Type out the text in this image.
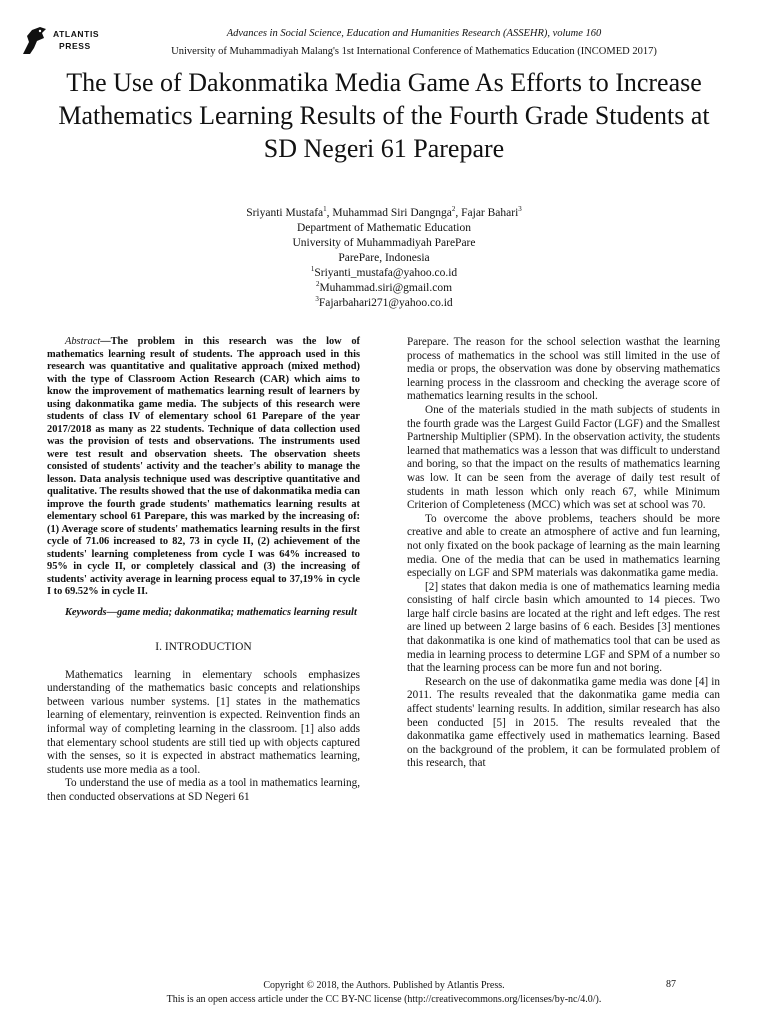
ATLANTIS
PRESS
Advances in Social Science, Education and Humanities Research (ASSEHR), volume 160
University of Muhammadiyah Malang's 1st International Conference of Mathematics Education (INCOMED 2017)
The Use of Dakonmatika Media Game As Efforts to Increase Mathematics Learning Results of the Fourth Grade Students at SD Negeri 61 Parepare
Sriyanti Mustafa$^1$, Muhammad Siri Dangnga$^2$, Fajar Bahari$^3$
Department of Mathematic Education
University of Muhammadiyah ParePare
ParePare, Indonesia
$^1$Sriyanti_mustafa@yahoo.co.id
$^2$Muhammad.siri@gmail.com
$^3$Fajarbahari271@yahoo.co.id

Abstract—The problem in this research was the low of mathematics learning result of students. The approach used in this research was quantitative and qualitative approach (mixed method) with the type of Classroom Action Research (CAR) which aims to know the improvement of mathematics learning result of learners by using dakonmatika game media. The subjects of this research were students of class IV of elementary school 61 Parepare of the year 2017/2018 as many as 22 students. Technique of data collection used was the provision of tests and observations. The instruments used were test result and observation sheets. The observation sheets consisted of students' activity and the teacher's ability to manage the lesson. Data analysis technique used was descriptive quantitative and qualitative. The results showed that the use of dakonmatika media can improve the fourth grade students' mathematics learning results at elementary school 61 Parepare, this was marked by the increasing of: (1) Average score of students' mathematics learning results in the first cycle of 71.06 increased to 82, 73 in cycle II, (2) achievement of the students' learning completeness from cycle I was 64% increased to 95% in cycle II, or completely classical and (3) the increasing of students' activity average in learning process equal to 37,19% in cycle I to 69.52% in cycle II.

Keywords—game media; dakonmatika; mathematics learning result

I. INTRODUCTION

Mathematics learning in elementary schools emphasizes understanding of the mathematics basic concepts and relationships between various number systems. [1] states in the mathematics learning of elementary, reinvention is expected. Reinvention finds an informal way of completing learning in the classroom. [1] also adds that elementary school students are still tied up with objects captured with the senses, so it is expected in abstract mathematics learning, students use more media as a tool.

To understand the use of media as a tool in mathematics learning, then conducted observations at SD Negeri 61

Parepare. The reason for the school selection wasthat the learning process of mathematics in the school was still limited in the use of media or props, the observation was done by observing mathematics learning process in the classroom and checking the average score of mathematics learning results in the school.

One of the materials studied in the math subjects of students in the fourth grade was the Largest Guild Factor (LGF) and the Smallest Partnership Multiplier (SPM). In the observation activity, the students learned that mathematics was a lesson that was difficult to understand and boring, so that the impact on the results of mathematics learning was low. It can be seen from the average of daily test result of students in math lesson which only reach 67, while Minimum Criterion of Completeness (MCC) which was set at school was 70.

To overcome the above problems, teachers should be more creative and able to create an atmosphere of active and fun learning, not only fixated on the book package of learning as the main learning media. One of the media that can be used in mathematics learning especially on LGF and SPM materials was dakonmatika game media.

[2] states that dakon media is one of mathematics learning media consisting of half circle basin which amounted to 14 pieces. Two large half circle basins are located at the right and left edges. The rest are lined up between 2 large basins of 6 each. Besides [3] mentiones that dakonmatika is one kind of mathematics tool that can be used as media in learning process to determine LGF and SPM of a number so that the learning process can be more fun and not boring.

Research on the use of dakonmatika game media was done [4] in 2011. The results revealed that the dakonmatika game media can affect students' learning results. In addition, similar research has also been conducted [5] in 2015. The results revealed that the dakonmatika game effectively used in mathematics learning. Based on the background of the problem, it can be formulated problem of this research, that

Copyright © 2018, the Authors. Published by Atlantis Press.
This is an open access article under the CC BY-NC license (http://creativecommons.org/licenses/by-nc/4.0/).
87
